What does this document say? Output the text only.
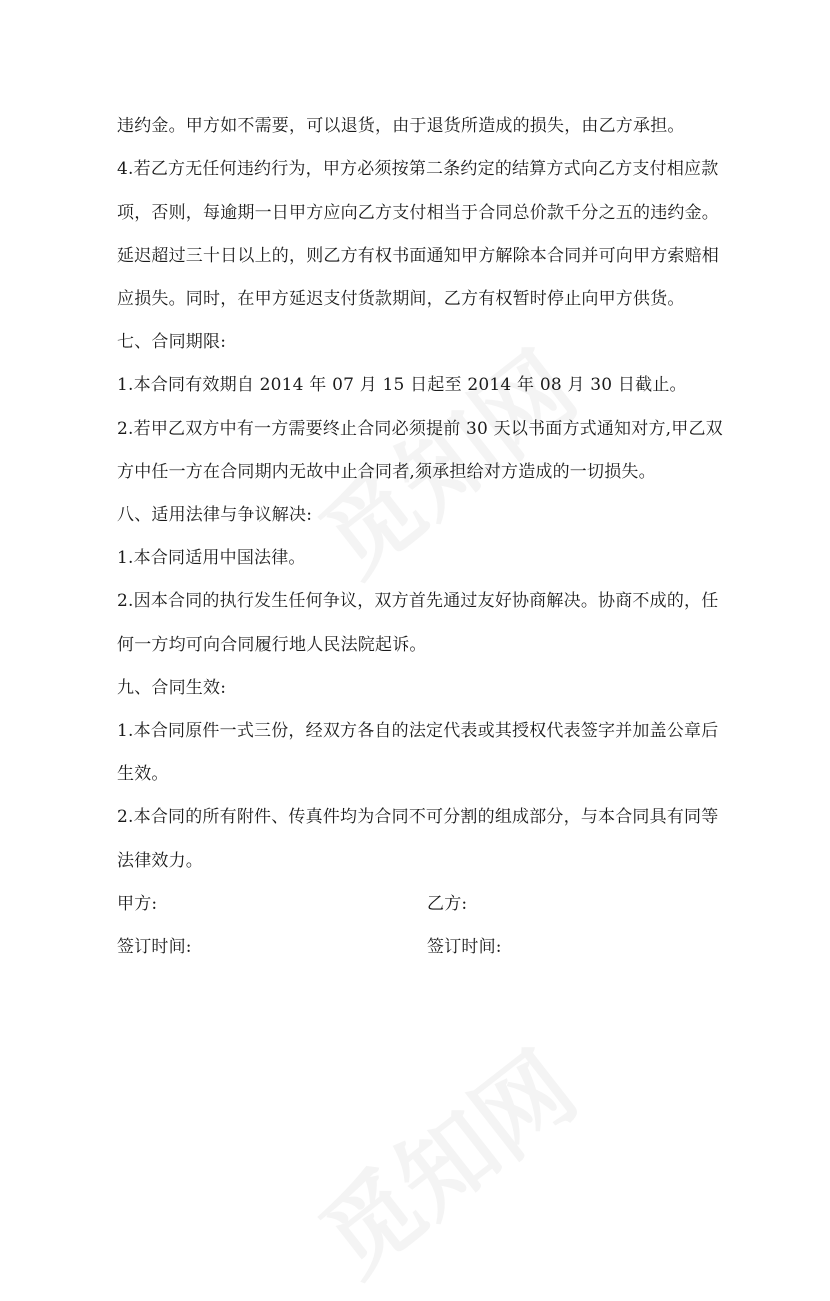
违约金。甲方如不需要，可以退货，由于退货所造成的损失，由乙方承担。
4.若乙方无任何违约行为，甲方必须按第二条约定的结算方式向乙方支付相应款
项，否则，每逾期一日甲方应向乙方支付相当于合同总价款千分之五的违约金。
延迟超过三十日以上的，则乙方有权书面通知甲方解除本合同并可向甲方索赔相
应损失。同时，在甲方延迟支付货款期间，乙方有权暂时停止向甲方供货。
七、合同期限:
1.本合同有效期自 2014 年 07 月 15 日起至 2014 年 08 月 30 日截止。
2.若甲乙双方中有一方需要终止合同必须提前 30 天以书面方式通知对方,甲乙双
方中任一方在合同期内无故中止合同者,须承担给对方造成的一切损失。
八、适用法律与争议解决:
1.本合同适用中国法律。
2.因本合同的执行发生任何争议，双方首先通过友好协商解决。协商不成的，任
何一方均可向合同履行地人民法院起诉。
九、合同生效:
1.本合同原件一式三份，经双方各自的法定代表或其授权代表签字并加盖公章后
生效。
2.本合同的所有附件、传真件均为合同不可分割的组成部分，与本合同具有同等
法律效力。
甲方:	乙方:
签订时间:	签订时间:
